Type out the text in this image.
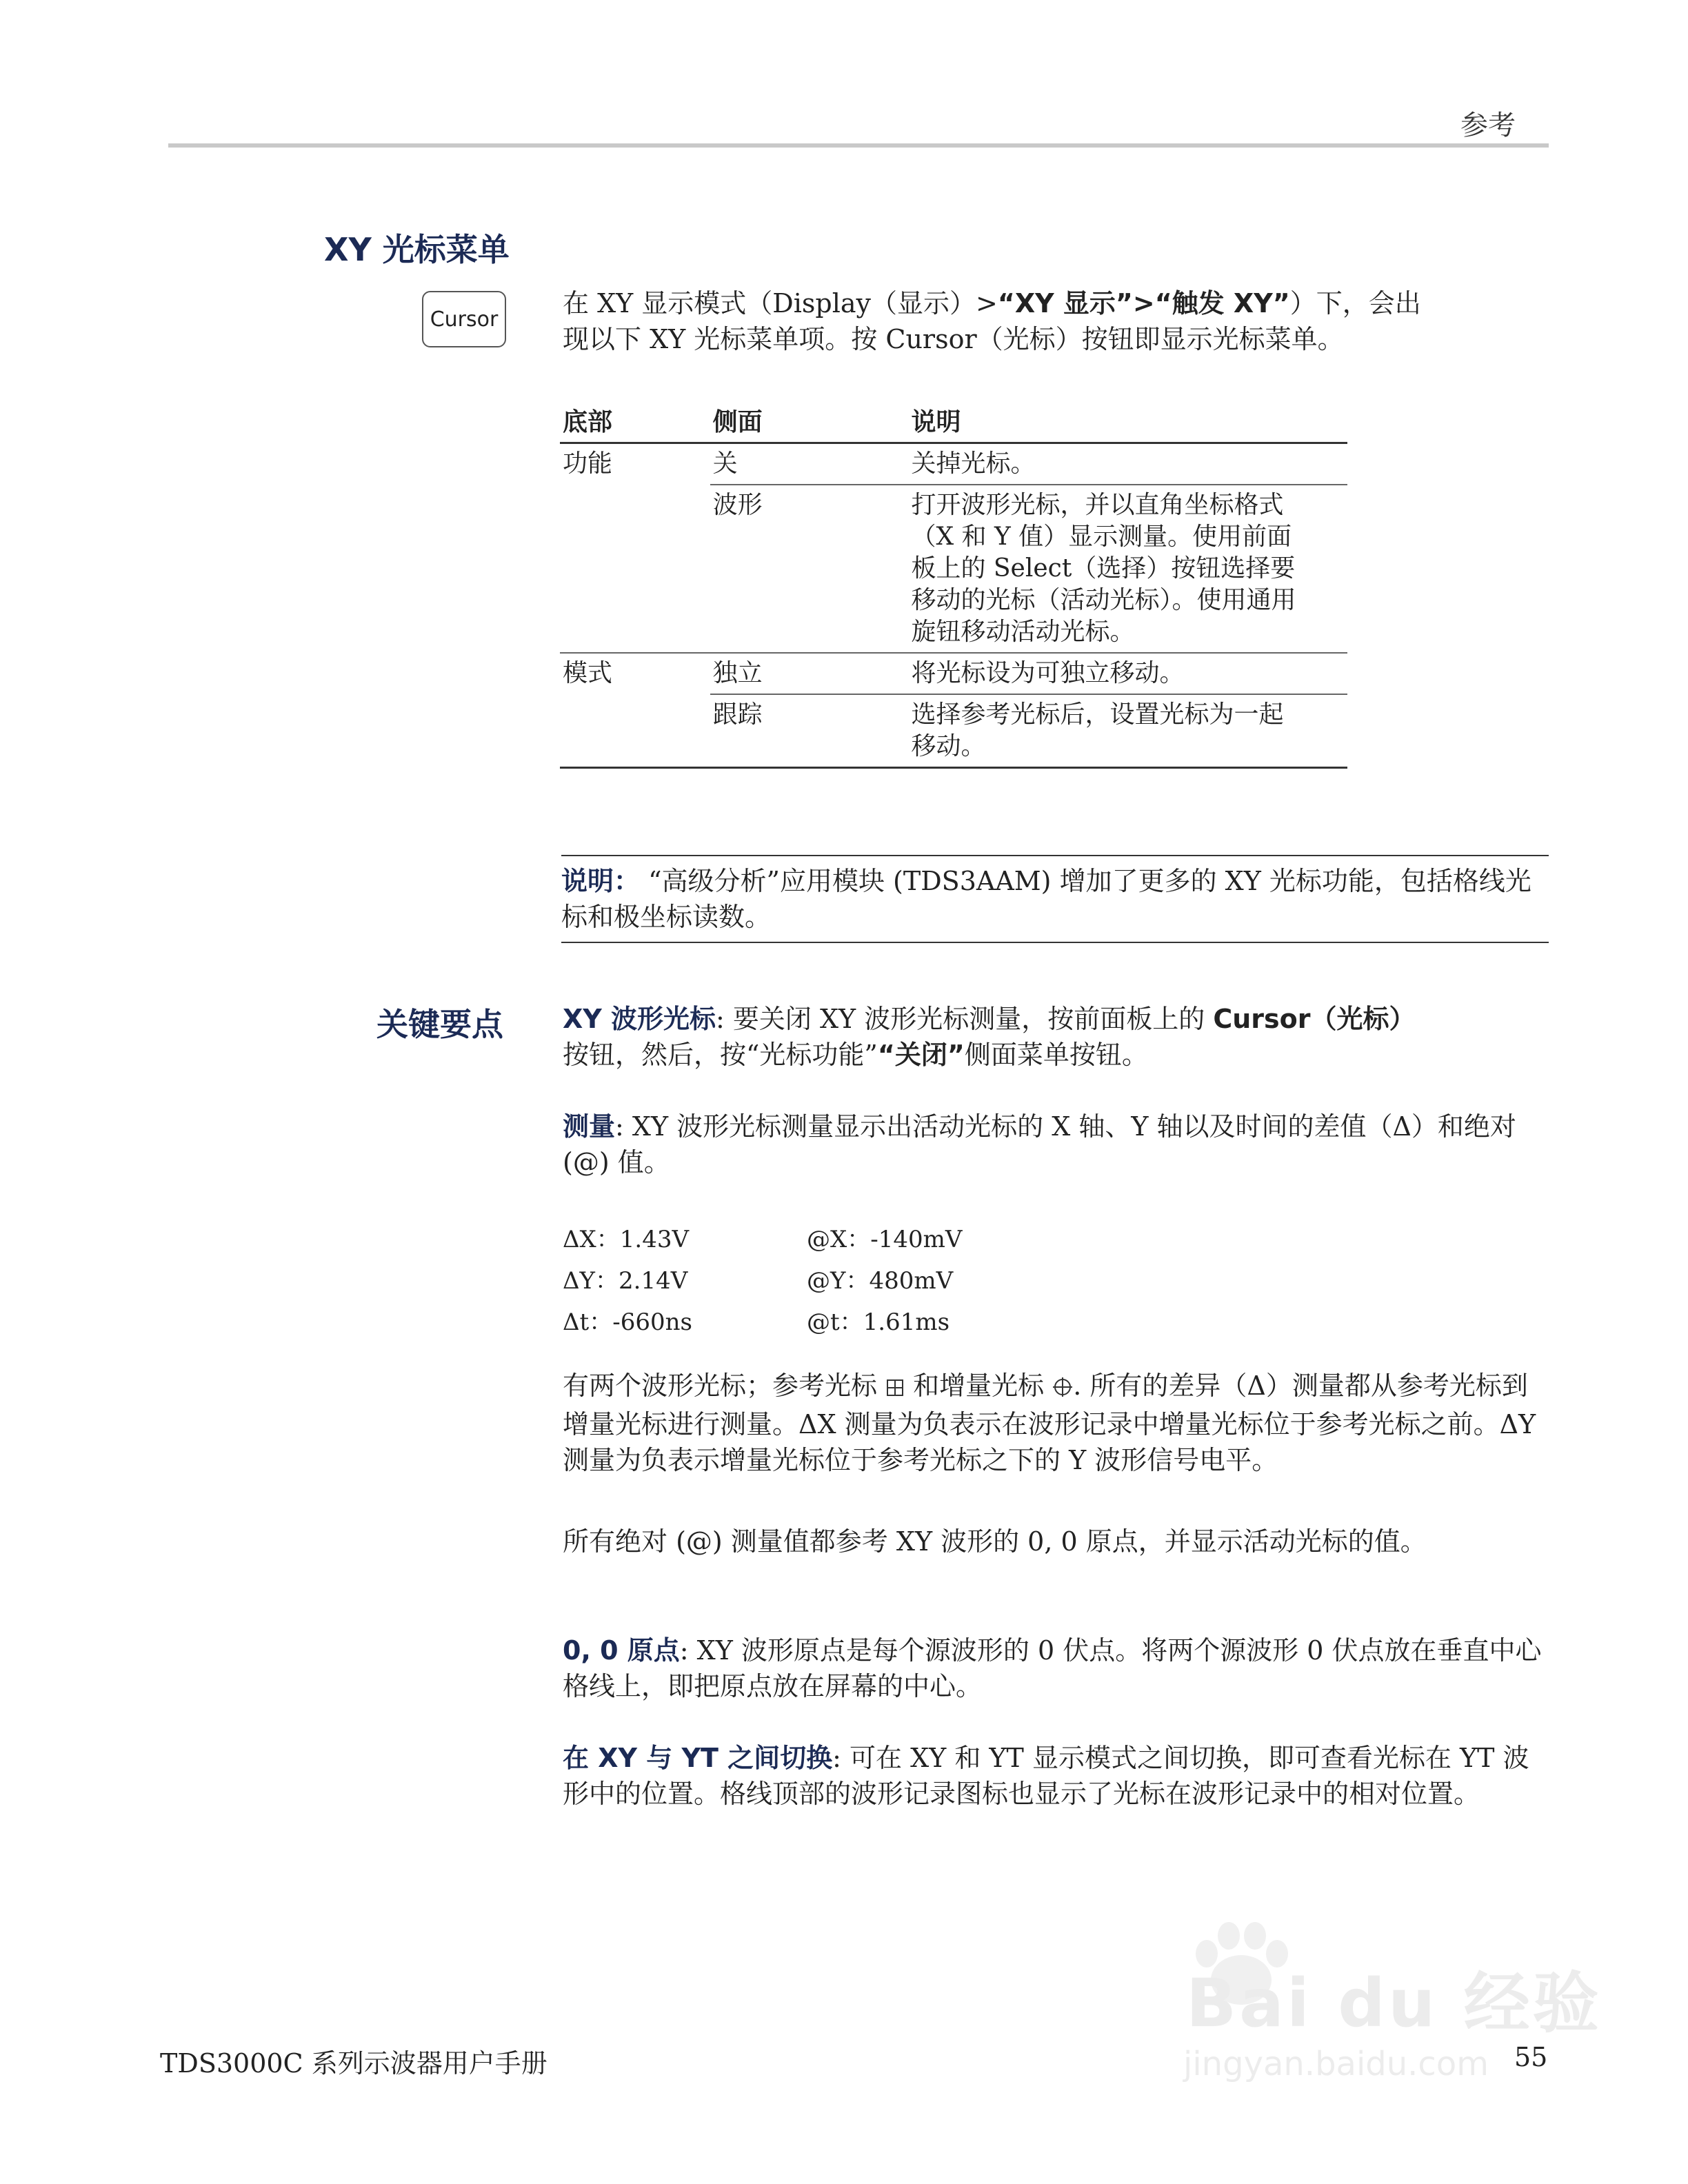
参考
XY 光标菜单
Cursor
在 XY 显示模式（Display（显示）>“XY 显示”>“触发 XY”）下，会出
现以下 XY 光标菜单项。按 Cursor（光标）按钮即显示光标菜单。
底部	侧面	说明
功能	关	关掉光标。

	波形	打开波形光标，并以直角坐标格式（X 和 Y 值）显示测量。使用前面板上的 Select（选择）按钮选择要移动的光标（活动光标）。使用通用旋钮移动活动光标。

模式	独立	将光标设为可独立移动。

	跟踪	选择参考光标后，设置光标为一起移动。
说明： “高级分析”应用模块 (TDS3AAM) 增加了更多的 XY 光标功能，包括格线光标和极坐标读数。
关键要点 XY 波形光标: 要关闭 XY 波形光标测量，按前面板上的 Cursor（光标）
按钮，然后，按“光标功能”“关闭”侧面菜单按钮。
测量: XY 波形光标测量显示出活动光标的 X 轴、Y 轴以及时间的差值（Δ）和绝对 (@) 值。
ΔX：1.43V	@X：-140mV
ΔY：2.14V	@Y：480mV
Δt：-660ns	@t：1.61ms
有两个波形光标；参考光标  和增量光标 . 所有的差异（Δ）测量都从参考光标到增量光标进行测量。ΔX 测量为负表示在波形记录中增量光标位于参考光标之前。ΔY 测量为负表示增量光标位于参考光标之下的 Y 波形信号电平。
所有绝对 (@) 测量值都参考 XY 波形的 0, 0 原点，并显示活动光标的值。
0, 0 原点: XY 波形原点是每个源波形的 0 伏点。将两个源波形 0 伏点放在垂直中心格线上，即把原点放在屏幕的中心。
在 XY 与 YT 之间切换: 可在 XY 和 YT 显示模式之间切换，即可查看光标在 YT 波形中的位置。格线顶部的波形记录图标也显示了光标在波形记录中的相对位置。
Bai du 经验
jingyan.baidu.com
TDS3000C 系列示波器用户手册	55
